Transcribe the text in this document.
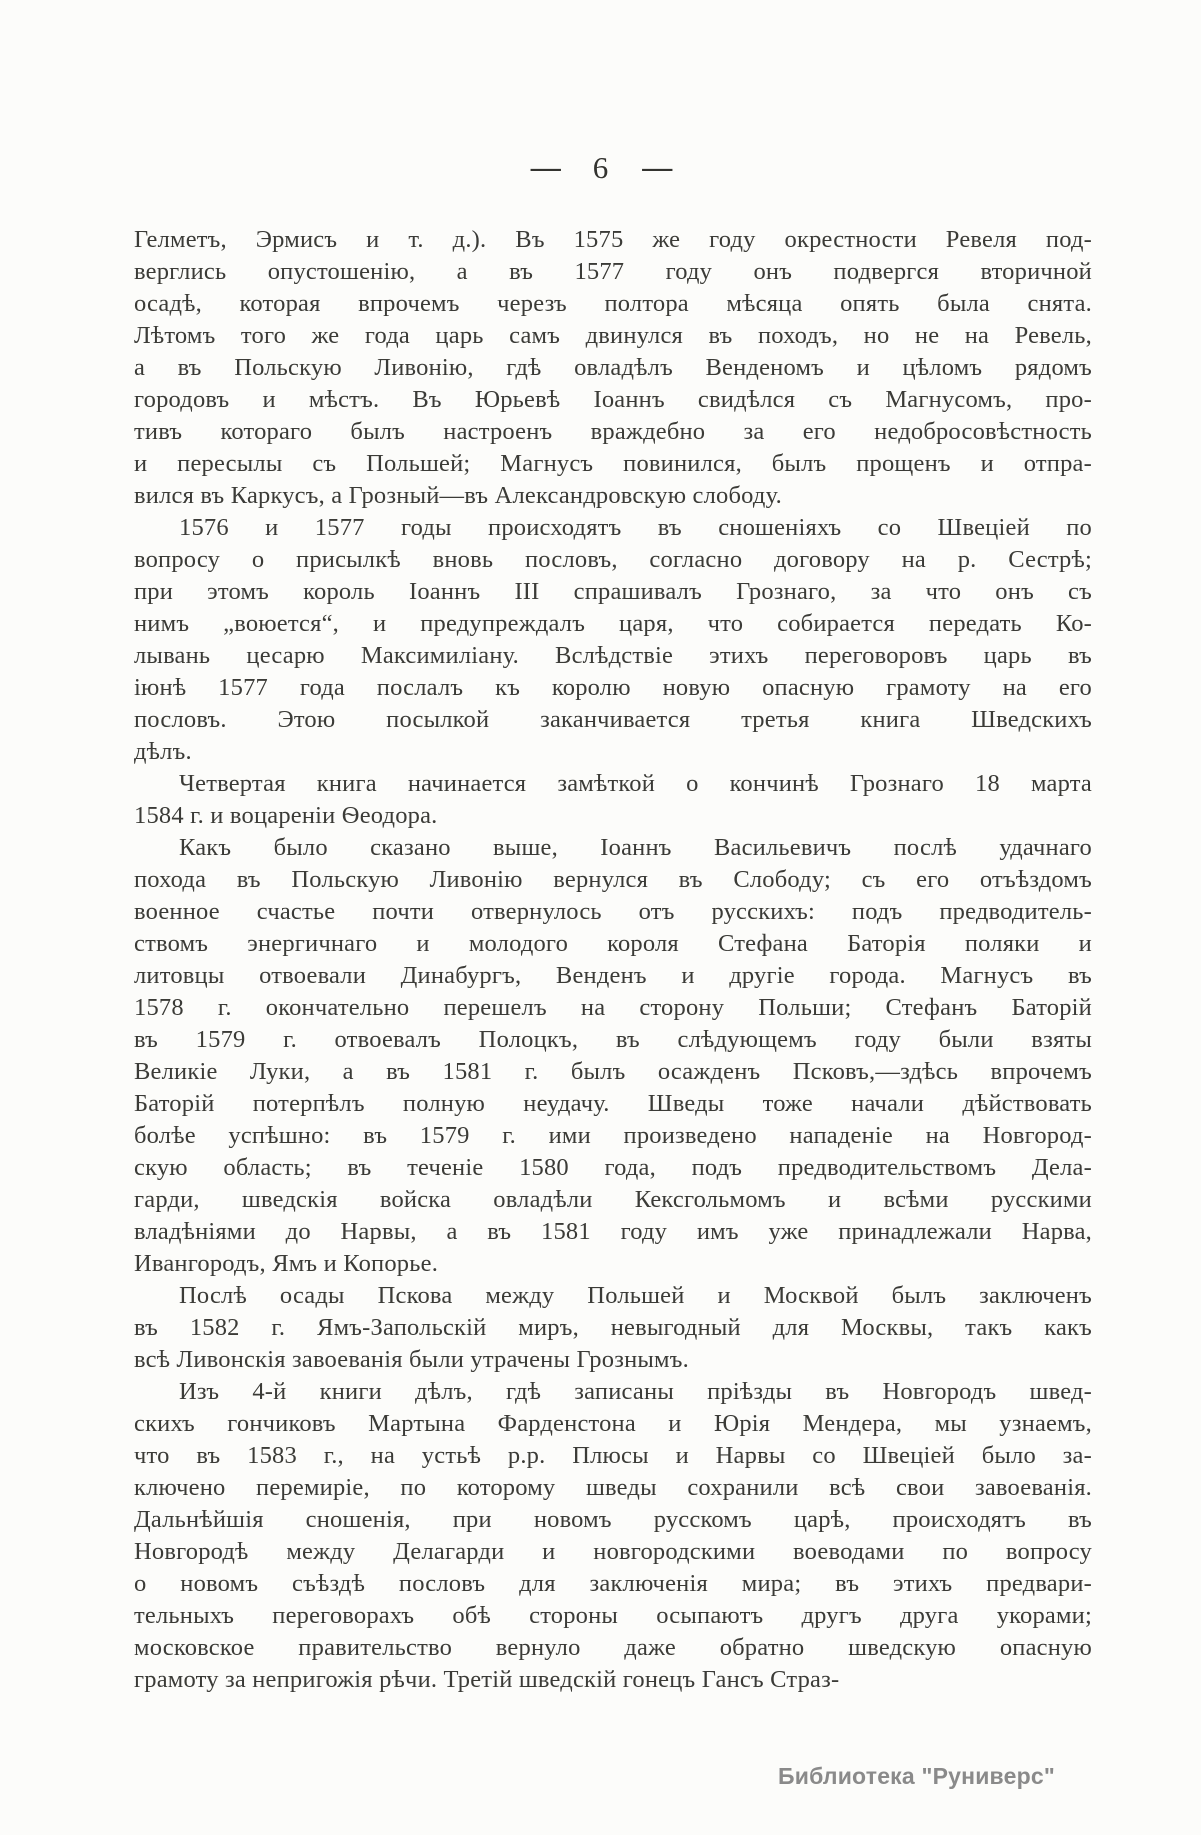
— 6 —
Гелметъ, Эрмисъ и т. д.). Въ 1575 же году окрестности Ревеля под-
верглись опустошенію, а въ 1577 году онъ подвергся вторичной
осадѣ, которая впрочемъ черезъ полтора мѣсяца опять была снята.
Лѣтомъ того же года царь самъ двинулся въ походъ, но не на Ревель,
а въ Польскую Ливонію, гдѣ овладѣлъ Венденомъ и цѣломъ рядомъ
городовъ и мѣстъ. Въ Юрьевѣ Іоаннъ свидѣлся съ Магнусомъ, про-
тивъ котораго былъ настроенъ враждебно за его недобросовѣстность
и пересылы съ Польшей; Магнусъ повинился, былъ прощенъ и отпра-
вился въ Каркусъ, а Грозный—въ Александровскую слободу.
1576 и 1577 годы происходятъ въ сношеніяхъ со Швеціей по
вопросу о присылкѣ вновь пословъ, согласно договору на р. Сестрѣ;
при этомъ король Іоаннъ III спрашивалъ Грознаго, за что онъ съ
нимъ „воюется“, и предупреждалъ царя, что собирается передать Ко-
лывань цесарю Максимиліану. Вслѣдствіе этихъ переговоровъ царь въ
іюнѣ 1577 года послалъ къ королю новую опасную грамоту на его
пословъ. Этою посылкой заканчивается третья книга Шведскихъ
дѣлъ.
Четвертая книга начинается замѣткой о кончинѣ Грознаго 18 марта
1584 г. и воцареніи Ѳеодора.
Какъ было сказано выше, Іоаннъ Васильевичъ послѣ удачнаго
похода въ Польскую Ливонію вернулся въ Слободу; съ его отъѣздомъ
военное счастье почти отвернулось отъ русскихъ: подъ предводитель-
ствомъ энергичнаго и молодого короля Стефана Баторія поляки и
литовцы отвоевали Динабургъ, Венденъ и другіе города. Магнусъ въ
1578 г. окончательно перешелъ на сторону Польши; Стефанъ Баторій
въ 1579 г. отвоевалъ Полоцкъ, въ слѣдующемъ году были взяты
Великіе Луки, а въ 1581 г. былъ осажденъ Псковъ,—здѣсь впрочемъ
Баторій потерпѣлъ полную неудачу. Шведы тоже начали дѣйствовать
болѣе успѣшно: въ 1579 г. ими произведено нападеніе на Новгород-
скую область; въ теченіе 1580 года, подъ предводительствомъ Дела-
гарди, шведскія войска овладѣли Кексгольмомъ и всѣми русскими
владѣніями до Нарвы, а въ 1581 году имъ уже принадлежали Нарва,
Ивангородъ, Ямъ и Копорье.
Послѣ осады Пскова между Польшей и Москвой былъ заключенъ
въ 1582 г. Ямъ-Запольскій миръ, невыгодный для Москвы, такъ какъ
всѣ Ливонскія завоеванія были утрачены Грознымъ.
Изъ 4-й книги дѣлъ, гдѣ записаны пріѣзды въ Новгородъ швед-
скихъ гончиковъ Мартына Фарденстона и Юрія Мендера, мы узнаемъ,
что въ 1583 г., на устьѣ р.р. Плюсы и Нарвы со Швеціей было за-
ключено перемиріе, по которому шведы сохранили всѣ свои завоеванія.
Дальнѣйшія сношенія, при новомъ русскомъ царѣ, происходятъ въ
Новгородѣ между Делагарди и новгородскими воеводами по вопросу
о новомъ съѣздѣ пословъ для заключенія мира; въ этихъ предвари-
тельныхъ переговорахъ обѣ стороны осыпаютъ другъ друга укорами;
московское правительство вернуло даже обратно шведскую опасную
грамоту за непригожія рѣчи. Третій шведскій гонецъ Гансъ Страз-
Библиотека "Руниверс"
